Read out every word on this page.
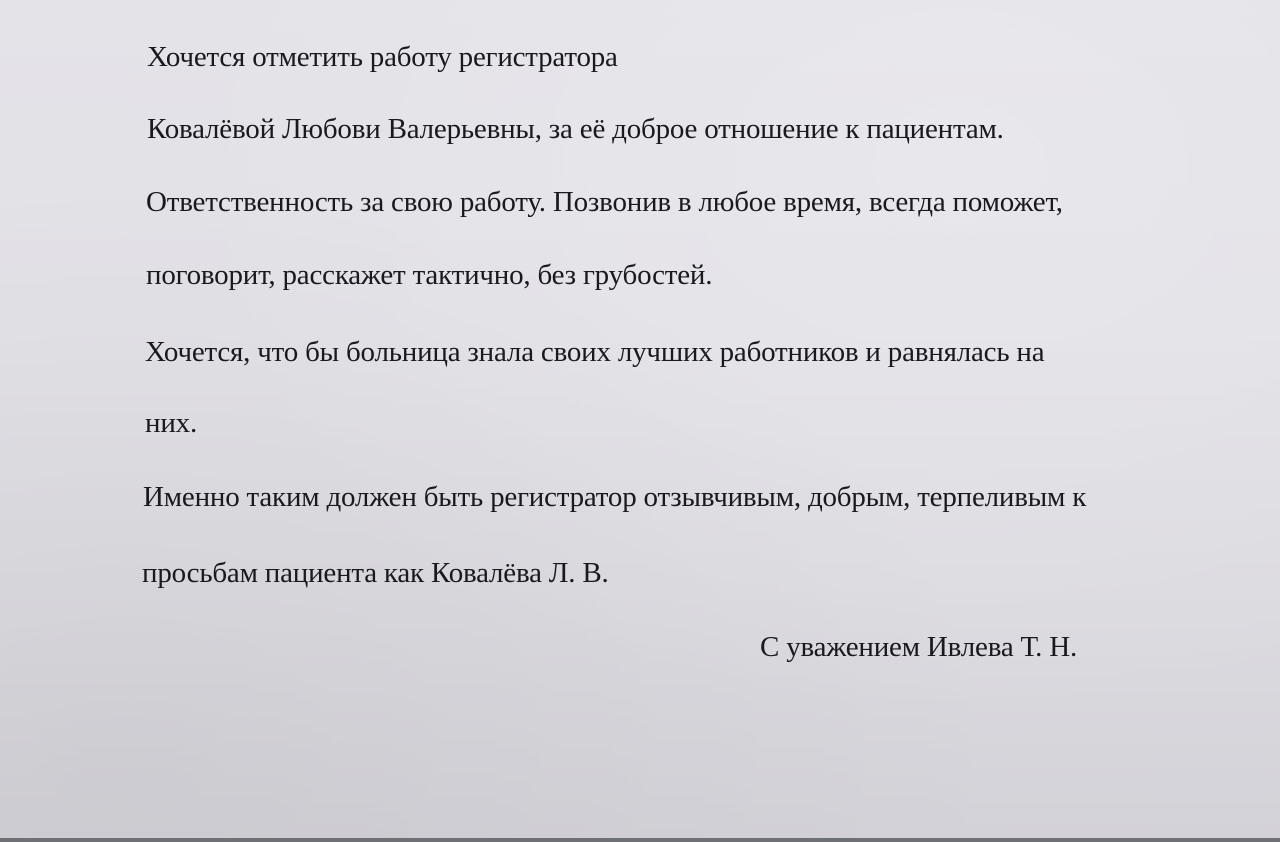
Хочется отметить работу регистратора
Ковалёвой Любови Валерьевны, за её доброе отношение к пациентам.
Ответственность за свою работу. Позвонив в любое время, всегда поможет,
поговорит, расскажет тактично, без грубостей.
Хочется, что бы больница знала своих лучших работников и равнялась на
них.
Именно таким должен быть регистратор отзывчивым, добрым, терпеливым к
просьбам пациента как Ковалёва Л. В.
С уважением Ивлева Т. Н.
